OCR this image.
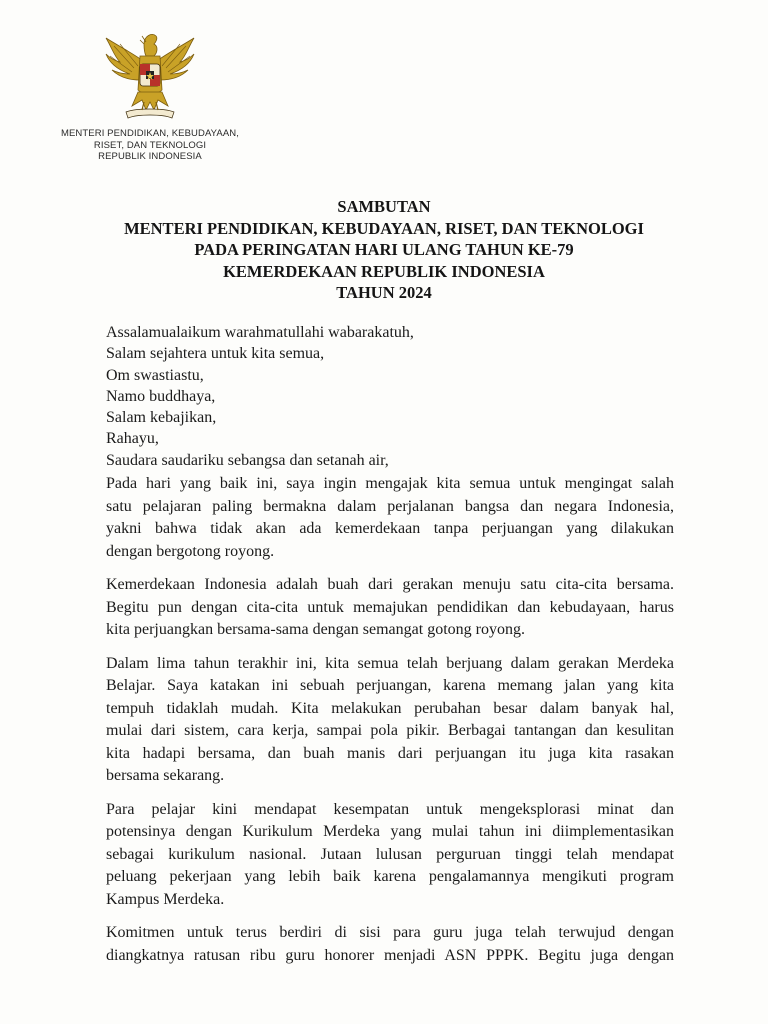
MENTERI PENDIDIKAN, KEBUDAYAAN,
RISET, DAN TEKNOLOGI
REPUBLIK INDONESIA
SAMBUTAN
MENTERI PENDIDIKAN, KEBUDAYAAN, RISET, DAN TEKNOLOGI
PADA PERINGATAN HARI ULANG TAHUN KE-79
KEMERDEKAAN REPUBLIK INDONESIA
TAHUN 2024
Assalamualaikum warahmatullahi wabarakatuh,
Salam sejahtera untuk kita semua,
Om swastiastu,
Namo buddhaya,
Salam kebajikan,
Rahayu,
Saudara saudariku sebangsa dan setanah air,
Pada hari yang baik ini, saya ingin mengajak kita semua untuk mengingat salah
satu pelajaran paling bermakna dalam perjalanan bangsa dan negara Indonesia,
yakni bahwa tidak akan ada kemerdekaan tanpa perjuangan yang dilakukan
dengan bergotong royong.
Kemerdekaan Indonesia adalah buah dari gerakan menuju satu cita-cita bersama.
Begitu pun dengan cita-cita untuk memajukan pendidikan dan kebudayaan, harus
kita perjuangkan bersama-sama dengan semangat gotong royong.
Dalam lima tahun terakhir ini, kita semua telah berjuang dalam gerakan Merdeka
Belajar. Saya katakan ini sebuah perjuangan, karena memang jalan yang kita
tempuh tidaklah mudah. Kita melakukan perubahan besar dalam banyak hal,
mulai dari sistem, cara kerja, sampai pola pikir. Berbagai tantangan dan kesulitan
kita hadapi bersama, dan buah manis dari perjuangan itu juga kita rasakan
bersama sekarang.
Para pelajar kini mendapat kesempatan untuk mengeksplorasi minat dan
potensinya dengan Kurikulum Merdeka yang mulai tahun ini diimplementasikan
sebagai kurikulum nasional. Jutaan lulusan perguruan tinggi telah mendapat
peluang pekerjaan yang lebih baik karena pengalamannya mengikuti program
Kampus Merdeka.
Komitmen untuk terus berdiri di sisi para guru juga telah terwujud dengan
diangkatnya ratusan ribu guru honorer menjadi ASN PPPK. Begitu juga dengan
